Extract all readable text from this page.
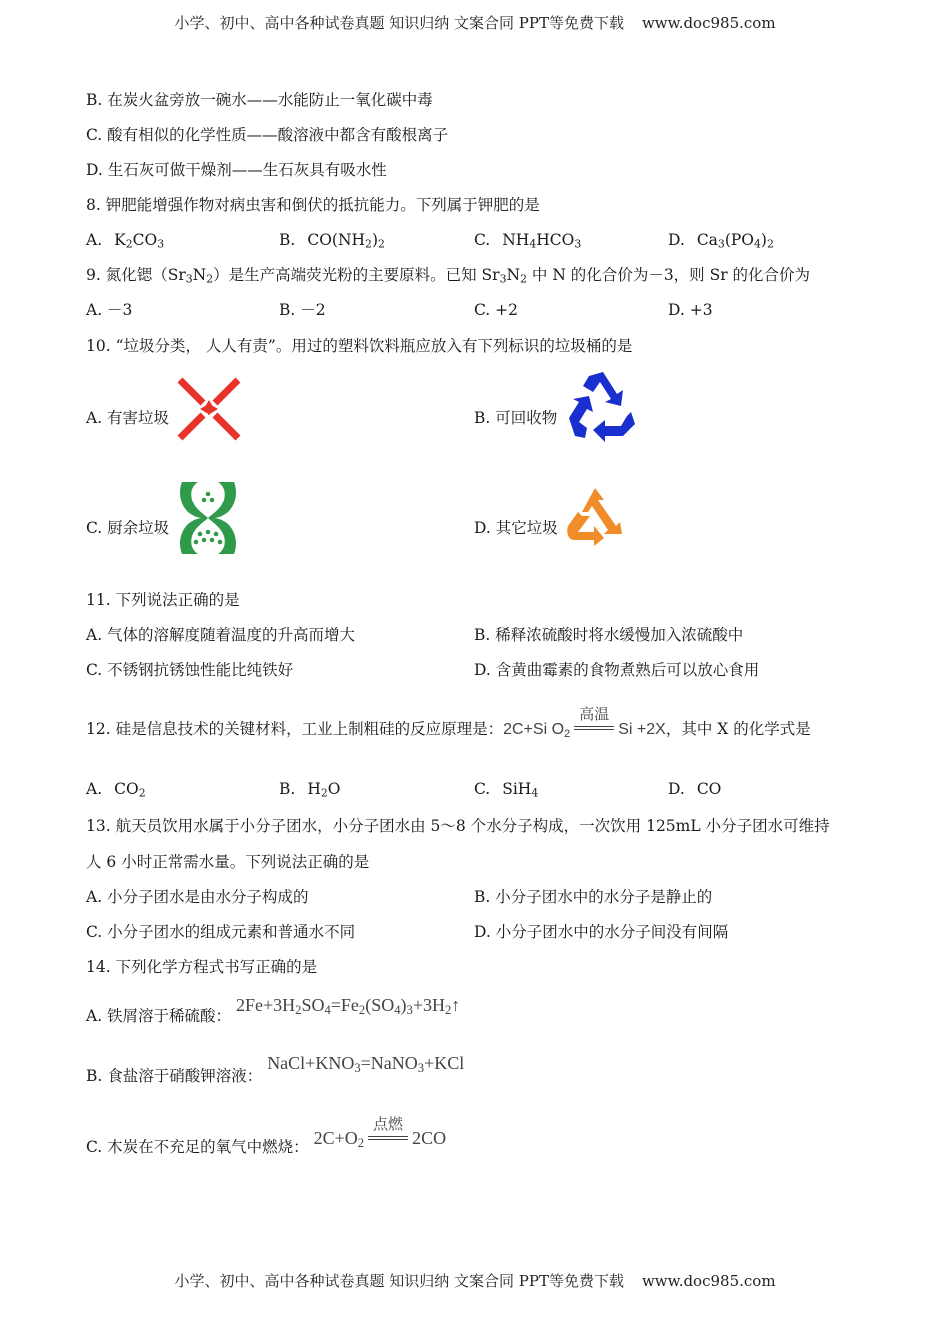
小学、初中、高中各种试卷真题 知识归纳 文案合同 PPT等免费下载 www.doc985.com
B. 在炭火盆旁放一碗水——水能防止一氧化碳中毒
C. 酸有相似的化学性质——酸溶液中都含有酸根离子
D. 生石灰可做干燥剂——生石灰具有吸水性
8. 钾肥能增强作物对病虫害和倒伏的抵抗能力。下列属于钾肥的是
A. $K_2CO_3$	B. $CO(NH_2)_2$	C. $NH_4HCO_3$	D. $Ca_3(PO_4)_2$
9. 氮化锶$(Sr_3N_2)$是生产高端荧光粉的主要原料。已知 $Sr_3N_2$ 中 N 的化合价为－3，则 Sr 的化合价为
A. －3	B. －2	C. +2	D. +3
10. “垃圾分类， 人人有责”。用过的塑料饮料瓶应放入有下列标识的垃圾桶的是
A. 有害垃圾	B. 可回收物
C. 厨余垃圾	D. 其它垃圾
11. 下列说法正确的是
A. 气体的溶解度随着温度的升高而增大	B. 稀释浓硫酸时将水缓慢加入浓硫酸中
C. 不锈钢抗锈蚀性能比纯铁好	D. 含黄曲霉素的食物煮熟后可以放心食用
12. 硅是信息技术的关键材料，工业上制粗硅的反应原理是：2C+Si $O_2$
高温
Si +2X，其中 X 的化学式是
A. $CO_2$	B. $H_2O$	C. SiH$_4$	D. CO
13. 航天员饮用水属于小分子团水，小分子团水由 5～8 个水分子构成，一次饮用 125mL 小分子团水可维持
人 6 小时正常需水量。下列说法正确的是
A. 小分子团水是由水分子构成的	B. 小分子团水中的水分子是静止的
C. 小分子团水的组成元素和普通水不同	D. 小分子团水中的水分子间没有间隔
14. 下列化学方程式书写正确的是
A. 铁屑溶于稀硫酸： $2Fe+3H_2SO_4=Fe_2(SO_4)_3+3H_2↑$
B. 食盐溶于硝酸钾溶液： $NaCl+KNO_3=NaNO_3+KCl$
C. 木炭在不充足的氧气中燃烧： $2C+O_2$
点燃
2CO
小学、初中、高中各种试卷真题 知识归纳 文案合同 PPT等免费下载 www.doc985.com
